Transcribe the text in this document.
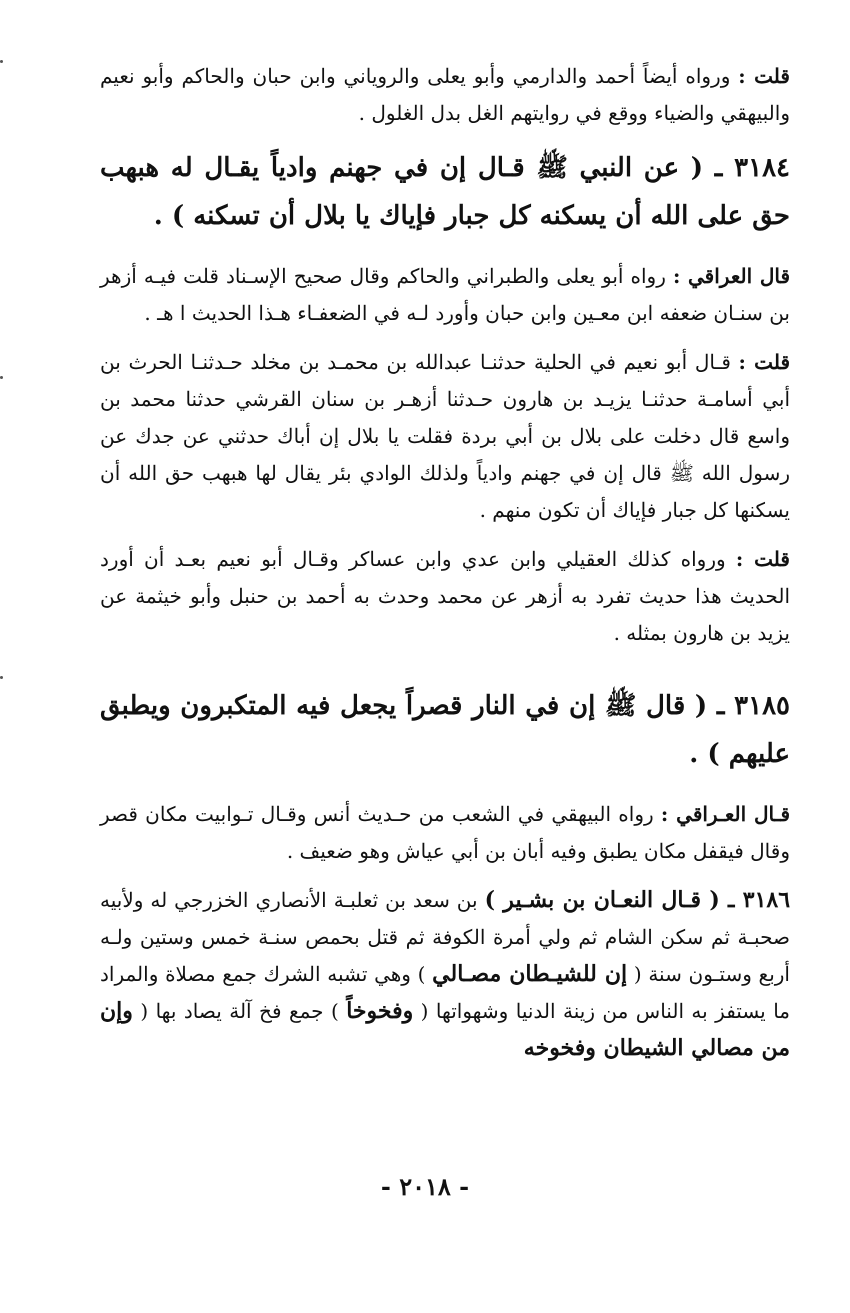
قلت : ورواه أيضاً أحمد والدارمي وأبو يعلى والروياني وابن حبان والحاكم وأبو نعيم والبيهقي والضياء ووقع في روايتهم الغل بدل الغلول .

٣١٨٤ ـ ( عن النبي ﷺ قـال إن في جهنم وادياً يقـال له هبهب حق على الله أن يسكنه كل جبار فإياك يا بلال أن تسكنه ) .

قال العراقي : رواه أبو يعلى والطبراني والحاكم وقال صحيح الإسـناد قلت فيـه أزهر بن سنـان ضعفه ابن معـين وابن حبان وأورد لـه في الضعفـاء هـذا الحديث ا هـ .

قلت : قـال أبو نعيم في الحلية حدثنـا عبدالله بن محمـد بن مخلد حـدثنـا الحرث بن أبي أسامـة حدثنـا يزيـد بن هارون حـدثنا أزهـر بن سنان القرشي حدثنا محمد بن واسع قال دخلت على بلال بن أبي بردة فقلت يا بلال إن أباك حدثني عن جدك عن رسول الله ﷺ قال إن في جهنم وادياً ولذلك الوادي بئر يقال لها هبهب حق الله أن يسكنها كل جبار فإياك أن تكون منهم .

قلت : ورواه كذلك العقيلي وابن عدي وابن عساكر وقـال أبو نعيم بعـد أن أورد الحديث هذا حديث تفرد به أزهر عن محمد وحدث به أحمد بن حنبل وأبو خيثمة عن يزيد بن هارون بمثله .

٣١٨٥ ـ ( قال ﷺ إن في النار قصراً يجعل فيه المتكبرون ويطبق عليهم ) .

قـال العـراقي : رواه البيهقي في الشعب من حـديث أنس وقـال تـوابيت مكان قصر وقال فيقفل مكان يطبق وفيه أبان بن أبي عياش وهو ضعيف .

٣١٨٦ ـ ( قـال النعـان بن بشـير ) بن سعد بن ثعلبـة الأنصاري الخزرجي له ولأبيه صحبـة ثم سكن الشام ثم ولي أمرة الكوفة ثم قتل بحمص سنـة خمس وستين ولـه أربع وستـون سنة ( إن للشيـطان مصـالي ) وهي تشبه الشرك جمع مصلاة والمراد ما يستفز به الناس من زينة الدنيا وشهواتها ( وفخوخاً ) جمع فخ آلة يصاد بها ( وإن من مصالي الشيطان وفخوخه

- ٢٠١٨ -
